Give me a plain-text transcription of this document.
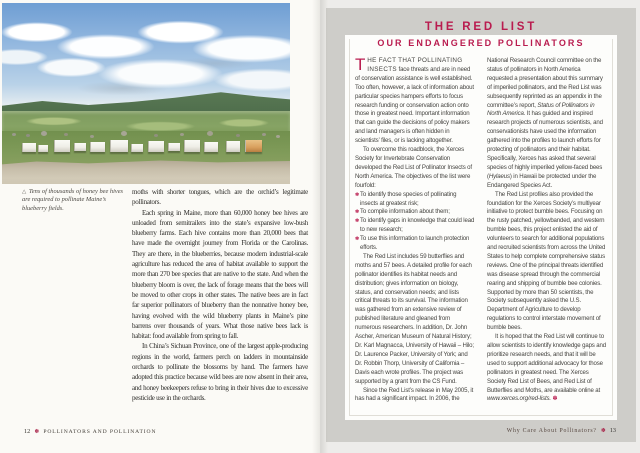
△ Tens of thousands of honey bee hives are required to pollinate Maine’s blueberry fields.

moths with shorter tongues, which are the orchid’s legitimate pollinators.

Each spring in Maine, more than 60,000 honey bee hives are unloaded from semitrailers into the state’s expansive low-bush blueberry farms. Each hive contains more than 20,000 bees that have made the overnight journey from Florida or the Carolinas. They are there, in the blueberries, because modern industrial-scale agriculture has reduced the area of habitat available to support the more than 270 bee species that are native to the state. And when the blueberry bloom is over, the lack of forage means that the bees will be moved to other crops in other states. The native bees are in fact far superior pollinators of blueberry than the nonnative honey bee, having evolved with the wild blueberry plants in Maine’s pine barrens over thousands of years. What those native bees lack is habitat: food available from spring to fall.

In China’s Sichuan Province, one of the largest apple-producing regions in the world, farmers perch on ladders in mountainside orchards to pollinate the blossoms by hand. The farmers have adopted this practice because wild bees are now absent in their area, and honey beekeepers refuse to bring in their hives due to excessive pesticide use in the orchards.

12 ✽ POLLINATORS AND POLLINATION
THE RED LIST
OUR ENDANGERED POLLINATORS

THE FACT THAT POLLINATING INSECTS face threats and are in need of conservation assistance is well established. Too often, however, a lack of information about particular species hampers efforts to focus research funding or conservation action onto those in greatest need. Important information that can guide the decisions of policy makers and land managers is often hidden in scientists’ files, or is lacking altogether.

To overcome this roadblock, the Xerces Society for Invertebrate Conservation developed the Red List of Pollinator Insects of North America. The objectives of the list were fourfold:

✽ To identify those species of pollinating insects at greatest risk;
✽ To compile information about them;
✽ To identify gaps in knowledge that could lead to new research;
✽ To use this information to launch protection efforts.

The Red List includes 59 butterflies and moths and 57 bees. A detailed profile for each pollinator identifies its habitat needs and distribution; gives information on biology, status, and conservation needs; and lists critical threats to its survival. The information was gathered from an extensive review of published literature and gleaned from numerous researchers. In addition, Dr. John Ascher, American Museum of Natural History; Dr. Karl Magnacca, University of Hawaii – Hilo; Dr. Laurence Packer, University of York; and Dr. Robbin Thorp, University of California – Davis each wrote profiles. The project was supported by a grant from the CS Fund.

Since the Red List’s release in May 2005, it has had a significant impact. In 2006, the

National Research Council committee on the status of pollinators in North America requested a presentation about this summary of imperiled pollinators, and the Red List was subsequently reprinted as an appendix in the committee’s report, Status of Pollinators in North America. It has guided and inspired research projects of numerous scientists, and conservationists have used the information gathered into the profiles to launch efforts for protecting of pollinators and their habitat. Specifically, Xerces has asked that several species of highly imperiled yellow-faced bees (Hylaeus) in Hawaii be protected under the Endangered Species Act.

The Red List profiles also provided the foundation for the Xerces Society’s multiyear initiative to protect bumble bees. Focusing on the rusty patched, yellowbanded, and western bumble bees, this project enlisted the aid of volunteers to search for additional populations and recruited scientists from across the United States to help complete comprehensive status reviews. One of the principal threats identified was disease spread through the commercial rearing and shipping of bumble bee colonies. Supported by more than 50 scientists, the Society subsequently asked the U.S. Department of Agriculture to develop regulations to control interstate movement of bumble bees.

It is hoped that the Red List will continue to allow scientists to identify knowledge gaps and prioritize research needs, and that it will be used to support additional advocacy for those pollinators in greatest need. The Xerces Society Red List of Bees, and Red List of Butterflies and Moths, are available online at www.xerces.org/red-lists. ✽

Why Care About Pollinators? ✽ 13
